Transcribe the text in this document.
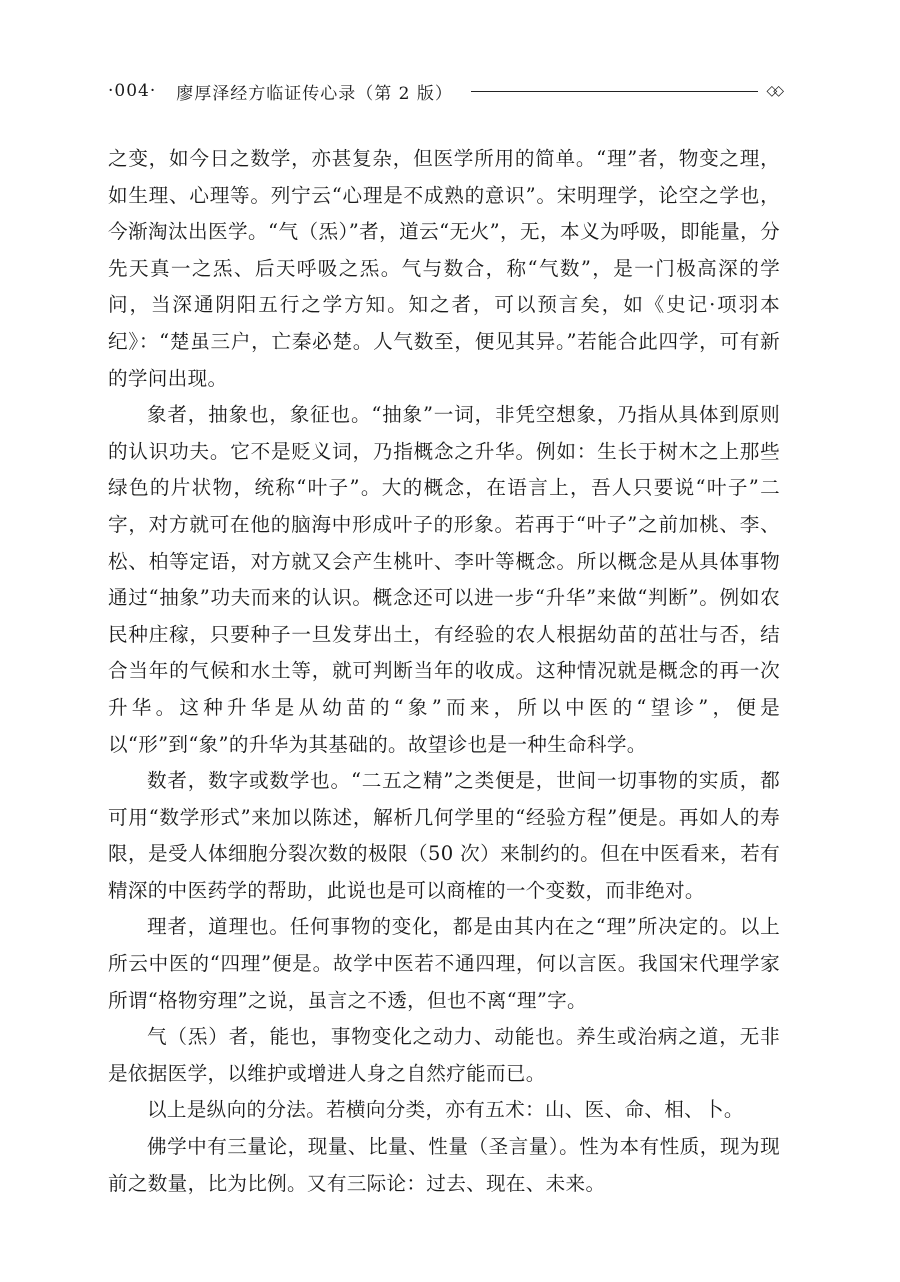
·004· 廖厚泽经方临证传心录（第 2 版）	◇◇

之变，如今日之数学，亦甚复杂，但医学所用的简单。“理”者，物变之理，如生理、心理等。列宁云“心理是不成熟的意识”。宋明理学，论空之学也，今渐淘汰出医学。“气（炁）”者，道云“无火”，无，本义为呼吸，即能量，分先天真一之炁、后天呼吸之炁。气与数合，称“气数”，是一门极高深的学问，当深通阴阳五行之学方知。知之者，可以预言矣，如《史记·项羽本纪》：“楚虽三户，亡秦必楚。人气数至，便见其异。”若能合此四学，可有新的学问出现。

象者，抽象也，象征也。“抽象”一词，非凭空想象，乃指从具体到原则的认识功夫。它不是贬义词，乃指概念之升华。例如：生长于树木之上那些绿色的片状物，统称“叶子”。大的概念，在语言上，吾人只要说“叶子”二字，对方就可在他的脑海中形成叶子的形象。若再于“叶子”之前加桃、李、松、柏等定语，对方就又会产生桃叶、李叶等概念。所以概念是从具体事物通过“抽象”功夫而来的认识。概念还可以进一步“升华”来做“判断”。例如农民种庄稼，只要种子一旦发芽出土，有经验的农人根据幼苗的茁壮与否，结合当年的气候和水土等，就可判断当年的收成。这种情况就是概念的再一次升华。这种升华是从幼苗的“象”而来，所以中医的“望诊”，便是以“形”到“象”的升华为其基础的。故望诊也是一种生命科学。

数者，数字或数学也。“二五之精”之类便是，世间一切事物的实质，都可用“数学形式”来加以陈述，解析几何学里的“经验方程”便是。再如人的寿限，是受人体细胞分裂次数的极限（50 次）来制约的。但在中医看来，若有精深的中医药学的帮助，此说也是可以商榷的一个变数，而非绝对。

理者，道理也。任何事物的变化，都是由其内在之“理”所决定的。以上所云中医的“四理”便是。故学中医若不通四理，何以言医。我国宋代理学家所谓“格物穷理”之说，虽言之不透，但也不离“理”字。

气（炁）者，能也，事物变化之动力、动能也。养生或治病之道，无非是依据医学，以维护或增进人身之自然疗能而已。

以上是纵向的分法。若横向分类，亦有五术：山、医、命、相、卜。

佛学中有三量论，现量、比量、性量（圣言量）。性为本有性质，现为现前之数量，比为比例。又有三际论：过去、现在、未来。
